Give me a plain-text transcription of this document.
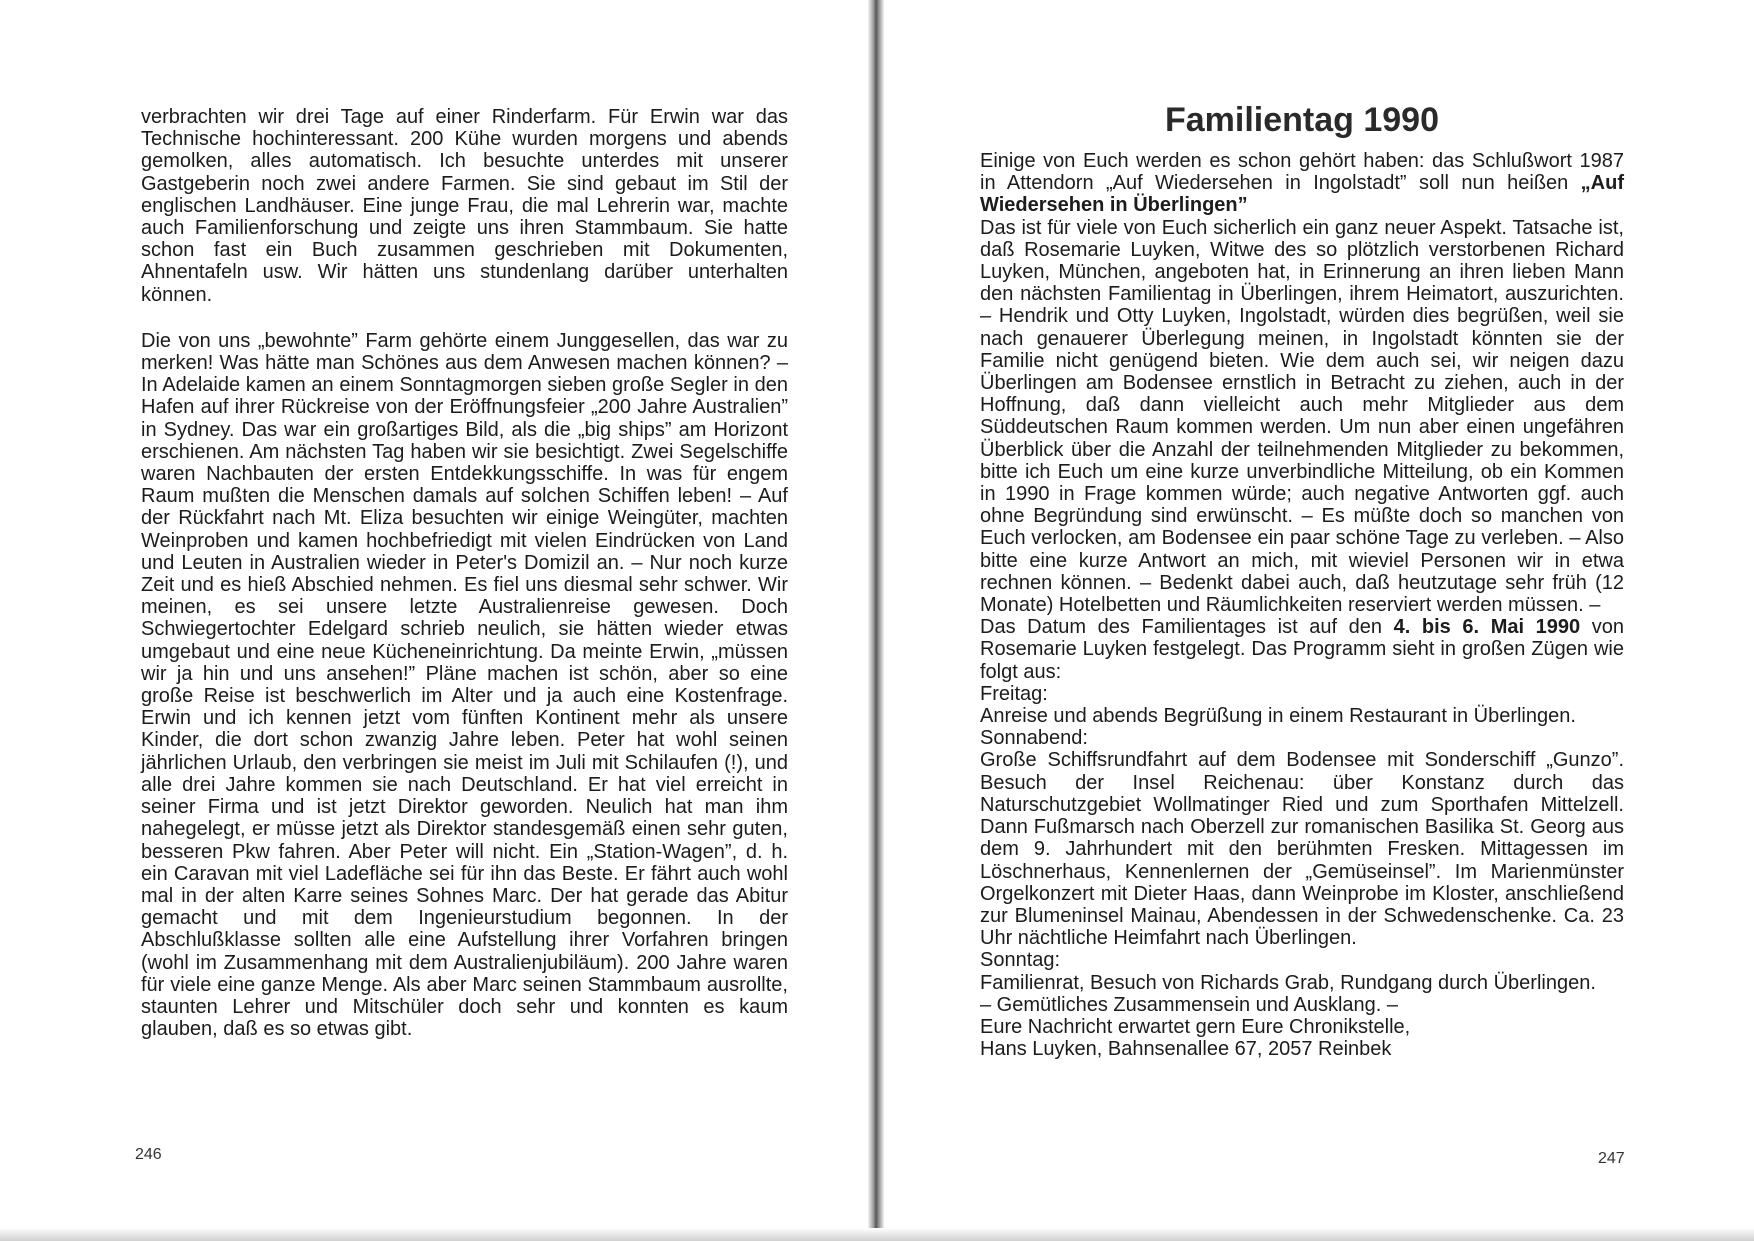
verbrachten wir drei Tage auf einer Rinderfarm. Für Erwin war das Technische hochinteressant. 200 Kühe wurden morgens und abends gemolken, alles automatisch. Ich besuchte unterdes mit unserer Gastgeberin noch zwei andere Farmen. Sie sind gebaut im Stil der englischen Landhäuser. Eine junge Frau, die mal Lehrerin war, machte auch Familienforschung und zeigte uns ihren Stammbaum. Sie hatte schon fast ein Buch zusammen geschrieben mit Dokumenten, Ahnentafeln usw. Wir hätten uns stundenlang darüber unterhalten können.

Die von uns „bewohnte” Farm gehörte einem Junggesellen, das war zu merken! Was hätte man Schönes aus dem Anwesen machen können? – In Adelaide kamen an einem Sonntagmorgen sieben große Segler in den Hafen auf ihrer Rückreise von der Eröffnungsfeier „200 Jahre Australien” in Sydney. Das war ein großartiges Bild, als die „big ships” am Horizont erschienen. Am nächsten Tag haben wir sie besichtigt. Zwei Segelschiffe waren Nachbauten der ersten Entdekkungsschiffe. In was für engem Raum mußten die Menschen damals auf solchen Schiffen leben! – Auf der Rückfahrt nach Mt. Eliza besuchten wir einige Weingüter, machten Weinproben und kamen hochbefriedigt mit vielen Eindrücken von Land und Leuten in Australien wieder in Peter's Domizil an. – Nur noch kurze Zeit und es hieß Abschied nehmen. Es fiel uns diesmal sehr schwer. Wir meinen, es sei unsere letzte Australienreise gewesen. Doch Schwiegertochter Edelgard schrieb neulich, sie hätten wieder etwas umgebaut und eine neue Kücheneinrichtung. Da meinte Erwin, „müssen wir ja hin und uns ansehen!” Pläne machen ist schön, aber so eine große Reise ist beschwerlich im Alter und ja auch eine Kostenfrage. Erwin und ich kennen jetzt vom fünften Kontinent mehr als unsere Kinder, die dort schon zwanzig Jahre leben. Peter hat wohl seinen jährlichen Urlaub, den verbringen sie meist im Juli mit Schilaufen (!), und alle drei Jahre kommen sie nach Deutschland. Er hat viel erreicht in seiner Firma und ist jetzt Direktor geworden. Neulich hat man ihm nahegelegt, er müsse jetzt als Direktor standesgemäß einen sehr guten, besseren Pkw fahren. Aber Peter will nicht. Ein „Station-Wagen”, d. h. ein Caravan mit viel Ladefläche sei für ihn das Beste. Er fährt auch wohl mal in der alten Karre seines Sohnes Marc. Der hat gerade das Abitur gemacht und mit dem Ingenieurstudium begonnen. In der Abschlußklasse sollten alle eine Aufstellung ihrer Vorfahren bringen (wohl im Zusammenhang mit dem Australienjubiläum). 200 Jahre waren für viele eine ganze Menge. Als aber Marc seinen Stammbaum ausrollte, staunten Lehrer und Mitschüler doch sehr und konnten es kaum glauben, daß es so etwas gibt.

246
Familientag 1990

Einige von Euch werden es schon gehört haben: das Schlußwort 1987 in Attendorn „Auf Wiedersehen in Ingolstadt” soll nun heißen „Auf Wiedersehen in Überlingen”

Das ist für viele von Euch sicherlich ein ganz neuer Aspekt. Tatsache ist, daß Rosemarie Luyken, Witwe des so plötzlich verstorbenen Richard Luyken, München, angeboten hat, in Erinnerung an ihren lieben Mann den nächsten Familientag in Überlingen, ihrem Heimatort, auszurichten. – Hendrik und Otty Luyken, Ingolstadt, würden dies begrüßen, weil sie nach genauerer Überlegung meinen, in Ingolstadt könnten sie der Familie nicht genügend bieten. Wie dem auch sei, wir neigen dazu Überlingen am Bodensee ernstlich in Betracht zu ziehen, auch in der Hoffnung, daß dann vielleicht auch mehr Mitglieder aus dem Süddeutschen Raum kommen werden. Um nun aber einen ungefähren Überblick über die Anzahl der teilnehmenden Mitglieder zu bekommen, bitte ich Euch um eine kurze unverbindliche Mitteilung, ob ein Kommen in 1990 in Frage kommen würde; auch negative Antworten ggf. auch ohne Begründung sind erwünscht. – Es müßte doch so manchen von Euch verlocken, am Bodensee ein paar schöne Tage zu verleben. – Also bitte eine kurze Antwort an mich, mit wieviel Personen wir in etwa rechnen können. – Bedenkt dabei auch, daß heutzutage sehr früh (12 Monate) Hotelbetten und Räumlichkeiten reserviert werden müssen. –

Das Datum des Familientages ist auf den 4. bis 6. Mai 1990 von Rosemarie Luyken festgelegt. Das Programm sieht in großen Zügen wie folgt aus:

Freitag:

Anreise und abends Begrüßung in einem Restaurant in Überlingen.

Sonnabend:

Große Schiffsrundfahrt auf dem Bodensee mit Sonderschiff „Gunzo”. Besuch der Insel Reichenau: über Konstanz durch das Naturschutzgebiet Wollmatinger Ried und zum Sporthafen Mittelzell. Dann Fußmarsch nach Oberzell zur romanischen Basilika St. Georg aus dem 9. Jahrhundert mit den berühmten Fresken. Mittagessen im Löschnerhaus, Kennenlernen der „Gemüseinsel”. Im Marienmünster Orgelkonzert mit Dieter Haas, dann Weinprobe im Kloster, anschließend zur Blumeninsel Mainau, Abendessen in der Schwedenschenke. Ca. 23 Uhr nächtliche Heimfahrt nach Überlingen.

Sonntag:

Familienrat, Besuch von Richards Grab, Rundgang durch Überlingen.

– Gemütliches Zusammensein und Ausklang. –

Eure Nachricht erwartet gern Eure Chronikstelle,

Hans Luyken, Bahnsenallee 67, 2057 Reinbek

247
